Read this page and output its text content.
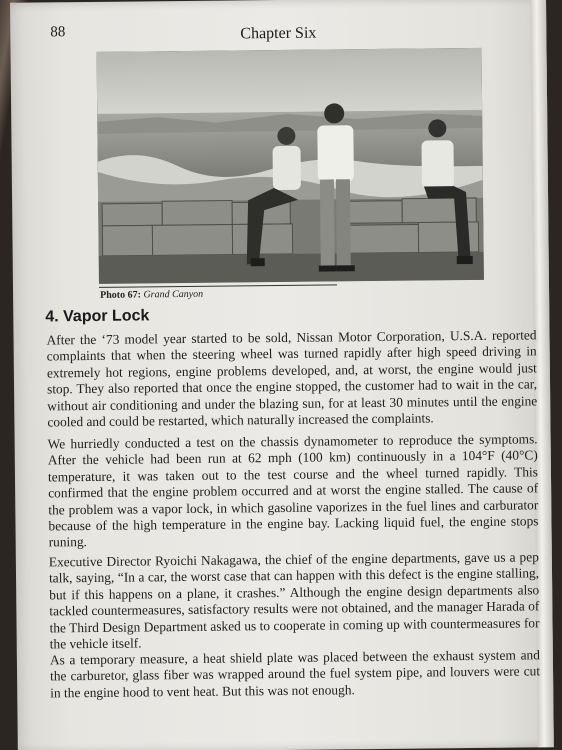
88	Chapter Six
Photo 67: Grand Canyon
4. Vapor Lock

After the ‘73 model year started to be sold, Nissan Motor Corporation, U.S.A. reported complaints that when the steering wheel was turned rapidly after high speed driving in extremely hot regions, engine problems developed, and, at worst, the engine would just stop. They also reported that once the engine stopped, the customer had to wait in the car, without air conditioning and under the blazing sun, for at least 30 minutes until the engine cooled and could be restarted, which naturally increased the complaints.

We hurriedly conducted a test on the chassis dynamometer to reproduce the symptoms. After the vehicle had been run at 62 mph (100 km) continuously in a 104°F (40°C) temperature, it was taken out to the test course and the wheel turned rapidly. This confirmed that the engine problem occurred and at worst the engine stalled. The cause of the problem was a vapor lock, in which gasoline vaporizes in the fuel lines and carburator because of the high temperature in the engine bay. Lacking liquid fuel, the engine stops runing.

Executive Director Ryoichi Nakagawa, the chief of the engine departments, gave us a pep talk, saying, “In a car, the worst case that can happen with this defect is the engine stalling, but if this happens on a plane, it crashes.” Although the engine design departments also tackled countermeasures, satisfactory results were not obtained, and the manager Harada of the Third Design Department asked us to cooperate in coming up with countermeasures for the vehicle itself.

As a temporary measure, a heat shield plate was placed between the exhaust system and the carburetor, glass fiber was wrapped around the fuel system pipe, and louvers were cut in the engine hood to vent heat. But this was not enough.
